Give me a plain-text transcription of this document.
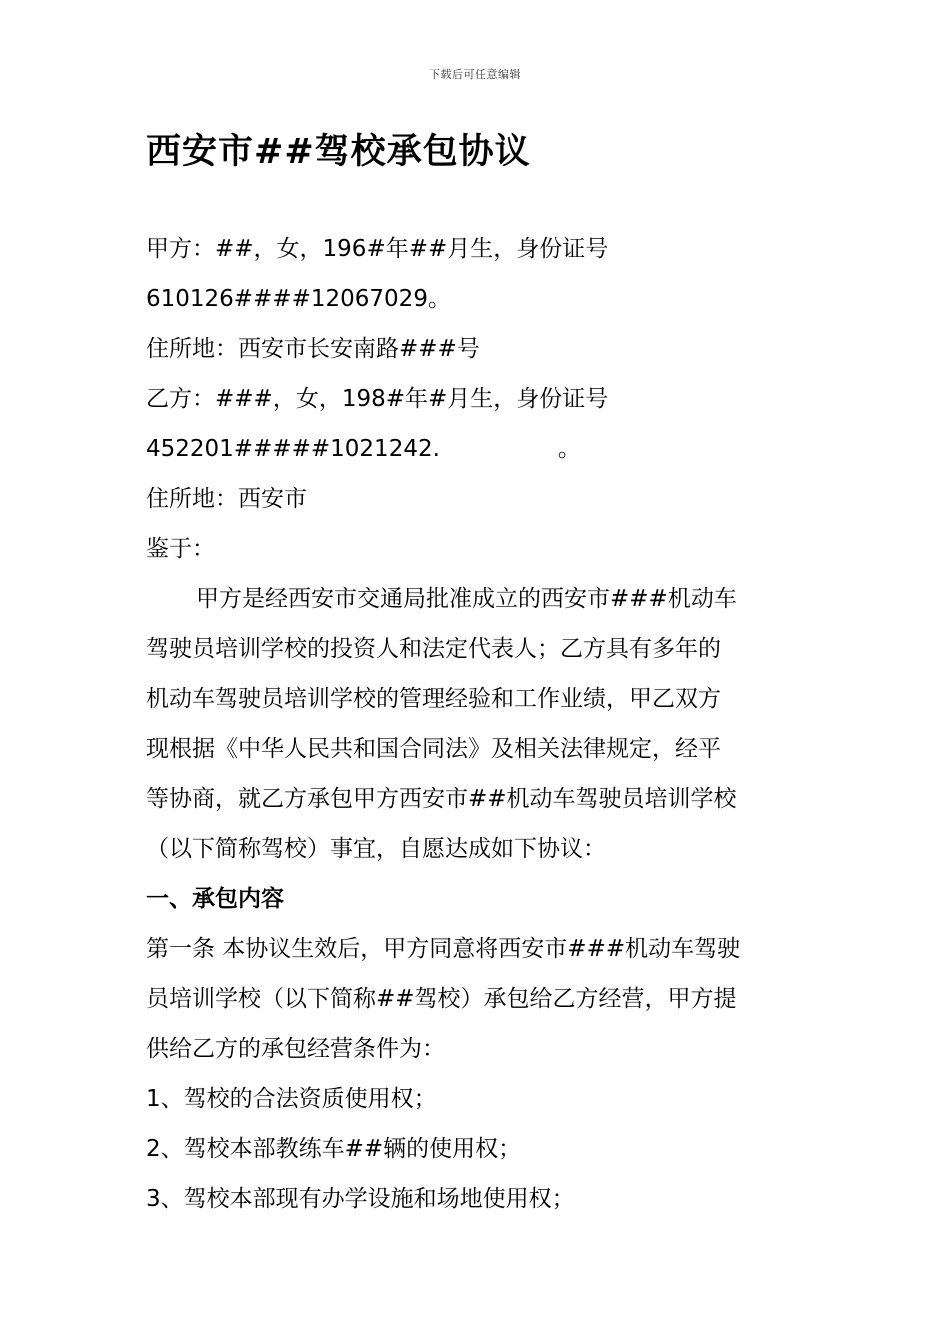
下载后可任意编辑
西安市##驾校承包协议
甲方：##，女，196#年##月生，身份证号
610126####12067029。
住所地：西安市长安南路###号
乙方：###，女，198#年#月生，身份证号
452201#####1021242.	。
住所地：西安市
鉴于：
甲方是经西安市交通局批准成立的西安市###机动车
驾驶员培训学校的投资人和法定代表人；乙方具有多年的
机动车驾驶员培训学校的管理经验和工作业绩，甲乙双方
现根据《中华人民共和国合同法》及相关法律规定，经平
等协商，就乙方承包甲方西安市##机动车驾驶员培训学校
（以下简称驾校）事宜，自愿达成如下协议：
一、承包内容
第一条 本协议生效后，甲方同意将西安市###机动车驾驶
员培训学校（以下简称##驾校）承包给乙方经营，甲方提
供给乙方的承包经营条件为：
1、驾校的合法资质使用权；
2、驾校本部教练车##辆的使用权；
3、驾校本部现有办学设施和场地使用权；
